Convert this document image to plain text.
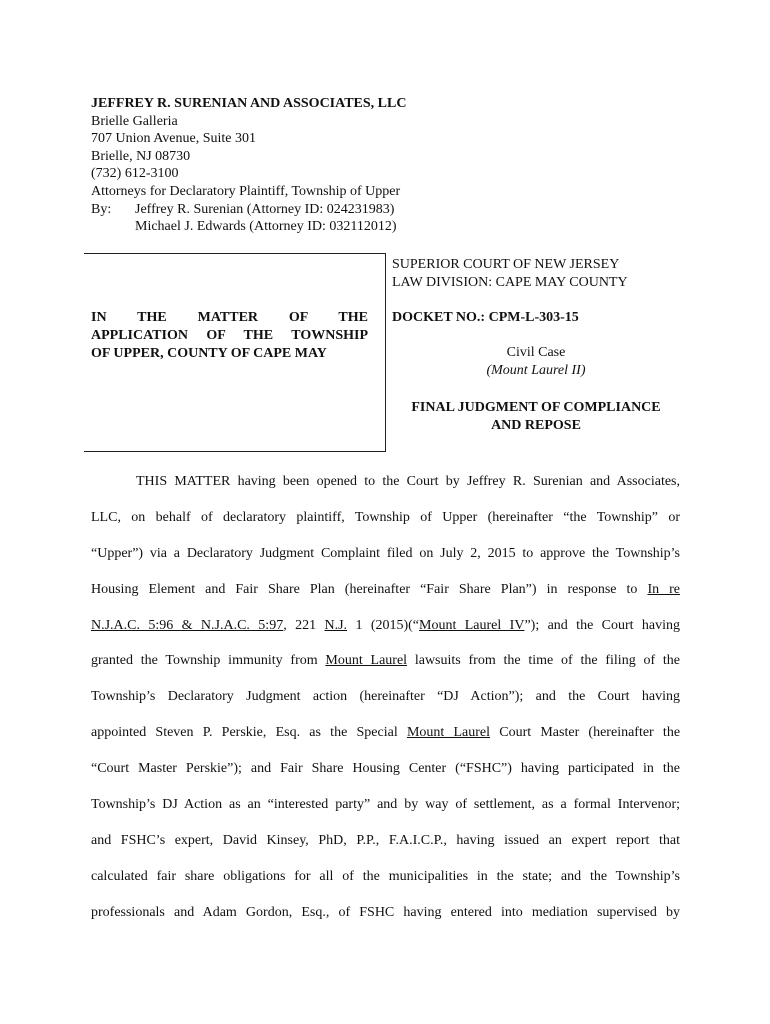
JEFFREY R. SURENIAN AND ASSOCIATES, LLC
Brielle Galleria
707 Union Avenue, Suite 301
Brielle, NJ 08730
(732) 612-3100
Attorneys for Declaratory Plaintiff, Township of Upper
By:	Jeffrey R. Surenian (Attorney ID: 024231983)
Michael J. Edwards (Attorney ID: 032112012)
IN THE MATTER OF THE
APPLICATION OF THE TOWNSHIP
OF UPPER, COUNTY OF CAPE MAY
SUPERIOR COURT OF NEW JERSEY
LAW DIVISION: CAPE MAY COUNTY
DOCKET NO.: CPM-L-303-15
Civil Case
(Mount Laurel II)
FINAL JUDGMENT OF COMPLIANCE
AND REPOSE
THIS MATTER having been opened to the Court by Jeffrey R. Surenian and Associates,
LLC, on behalf of declaratory plaintiff, Township of Upper (hereinafter “the Township” or
“Upper”) via a Declaratory Judgment Complaint filed on July 2, 2015 to approve the Township’s
Housing Element and Fair Share Plan (hereinafter “Fair Share Plan”) in response to In re
N.J.A.C. 5:96 & N.J.A.C. 5:97, 221 N.J. 1 (2015)(“Mount Laurel IV”); and the Court having
granted the Township immunity from Mount Laurel lawsuits from the time of the filing of the
Township’s Declaratory Judgment action (hereinafter “DJ Action”); and the Court having
appointed Steven P. Perskie, Esq. as the Special Mount Laurel Court Master (hereinafter the
“Court Master Perskie”); and Fair Share Housing Center (“FSHC”) having participated in the
Township’s DJ Action as an “interested party” and by way of settlement, as a formal Intervenor;
and FSHC’s expert, David Kinsey, PhD, P.P., F.A.I.C.P., having issued an expert report that
calculated fair share obligations for all of the municipalities in the state; and the Township’s
professionals and Adam Gordon, Esq., of FSHC having entered into mediation supervised by
